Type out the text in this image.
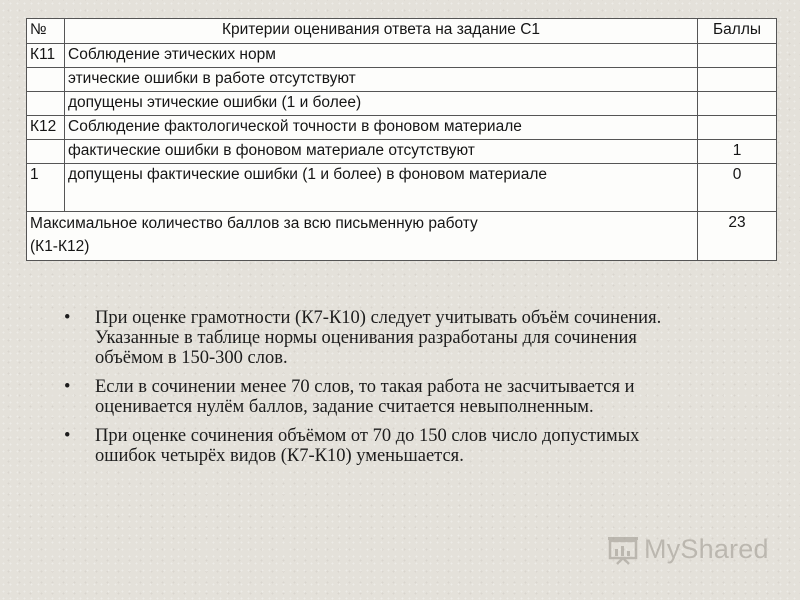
№	Критерии оценивания ответа на задание С1	Баллы
К11	Соблюдение этических норм	
	этические ошибки в работе отсутствуют	
	допущены этические ошибки (1 и более)	
К12	Соблюдение фактологической точности в фоновом материале	
	фактические ошибки в фоновом материале отсутствуют	1
1	допущены фактические ошибки (1 и более) в фоновом материале	0

Максимальное количество баллов за всю письменную работу
(К1-К12)		23
• При оценке грамотности (К7-К10) следует учитывать объём сочинения. Указанные в таблице нормы оценивания разработаны для сочинения объёмом в 150-300 слов.
• Если в сочинении менее 70 слов, то такая работа не засчитывается и оценивается нулём баллов, задание считается невыполненным.
• При оценке сочинения объёмом от 70 до 150 слов число допустимых ошибок четырёх видов (К7-К10) уменьшается.
MyShared
